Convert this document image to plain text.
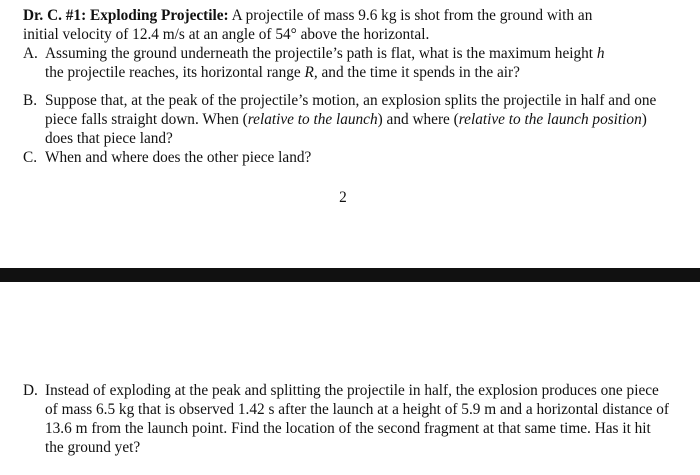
Dr. C. #1: Exploding Projectile: A projectile of mass 9.6 kg is shot from the ground with an
initial velocity of 12.4 m/s at an angle of 54° above the horizontal.
A. Assuming the ground underneath the projectile’s path is flat, what is the maximum height h
the projectile reaches, its horizontal range R, and the time it spends in the air?
B. Suppose that, at the peak of the projectile’s motion, an explosion splits the projectile in half and one piece falls straight down. When (relative to the launch) and where (relative to the launch position) does that piece land?
C. When and where does the other piece land?
2
D. Instead of exploding at the peak and splitting the projectile in half, the explosion produces one piece of mass 6.5 kg that is observed 1.42 s after the launch at a height of 5.9 m and a horizontal distance of 13.6 m from the launch point. Find the location of the second fragment at that same time. Has it hit the ground yet?
